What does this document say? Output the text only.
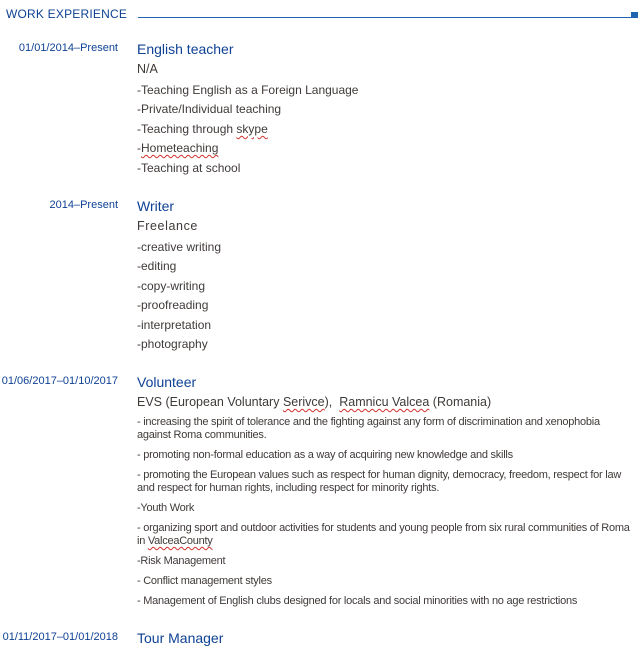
WORK EXPERIENCE
01/01/2014–Present English teacher
N/A
-Teaching English as a Foreign Language
-Private/Individual teaching
-Teaching through skype
-Hometeaching
-Teaching at school
2014–Present Writer
Freelance
-creative writing
-editing
-copy-writing
-proofreading
-interpretation
-photography
01/06/2017–01/10/2017 Volunteer
EVS (European Voluntary Serivce), Ramnicu Valcea (Romania)
- increasing the spirit of tolerance and the fighting against any form of discrimination and xenophobia against Roma communities.
- promoting non-formal education as a way of acquiring new knowledge and skills
- promoting the European values such as respect for human dignity, democracy, freedom, respect for law and respect for human rights, including respect for minority rights.
-Youth Work
- organizing sport and outdoor activities for students and young people from six rural communities of Roma in ValceaCounty
-Risk Management
- Conflict management styles
- Management of English clubs designed for locals and social minorities with no age restrictions
01/11/2017–01/01/2018 Tour Manager
